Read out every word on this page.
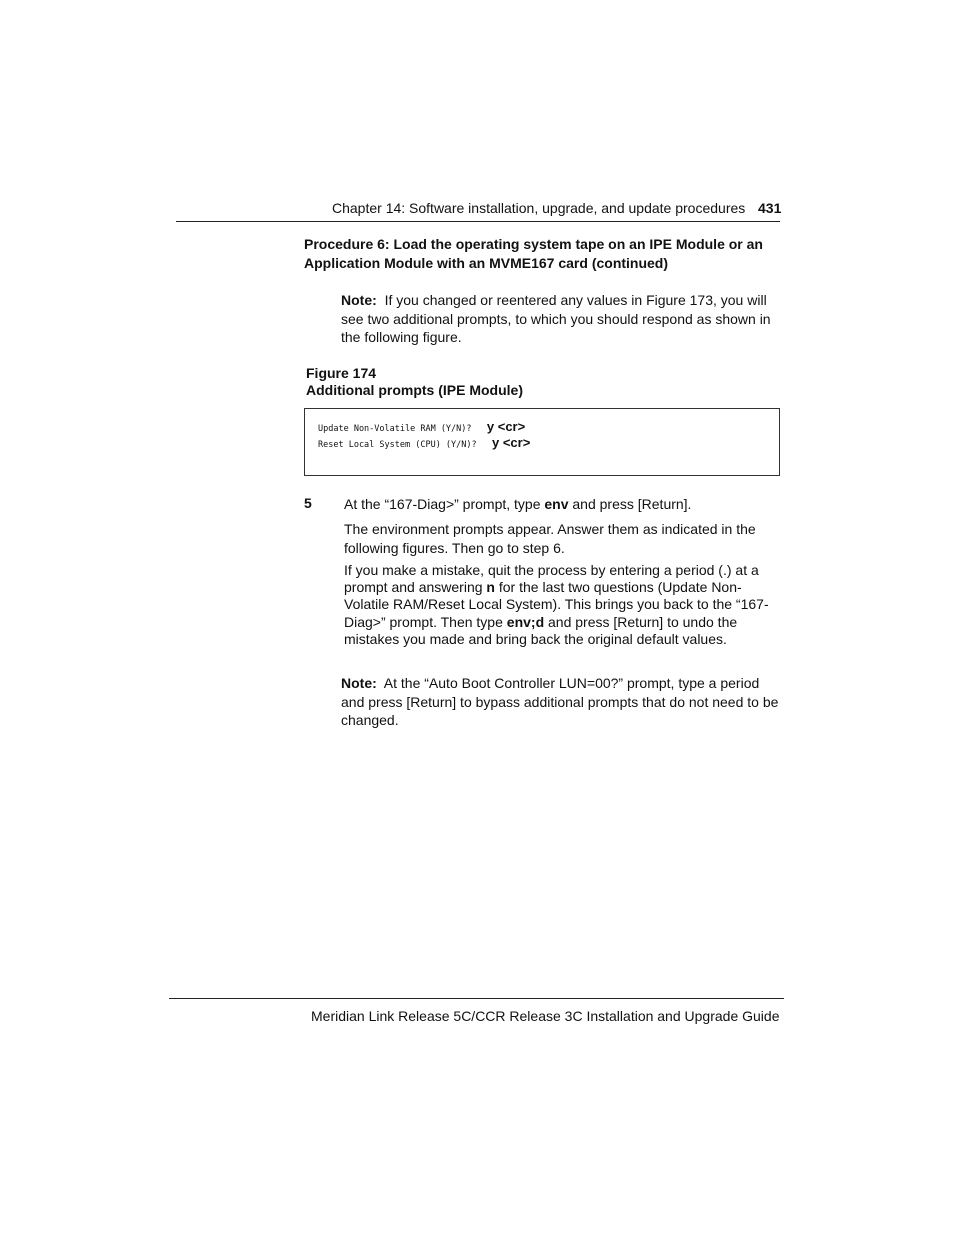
Chapter 14: Software installation, upgrade, and update procedures 431
Procedure 6: Load the operating system tape on an IPE Module or an Application Module with an MVME167 card (continued)
Note: If you changed or reentered any values in Figure 173, you will see two additional prompts, to which you should respond as shown in the following figure.
Figure 174
Additional prompts (IPE Module)
Update Non-Volatile RAM (Y/N)? y <cr>
Reset Local System (CPU) (Y/N)? y <cr>
5 At the “167-Diag>” prompt, type env and press [Return].
The environment prompts appear. Answer them as indicated in the following figures. Then go to step 6.
If you make a mistake, quit the process by entering a period (.) at a prompt and answering n for the last two questions (Update Non-Volatile RAM/Reset Local System). This brings you back to the “167-Diag>” prompt. Then type env;d and press [Return] to undo the mistakes you made and bring back the original default values.
Note: At the “Auto Boot Controller LUN=00?” prompt, type a period and press [Return] to bypass additional prompts that do not need to be changed.
Meridian Link Release 5C/CCR Release 3C Installation and Upgrade Guide
